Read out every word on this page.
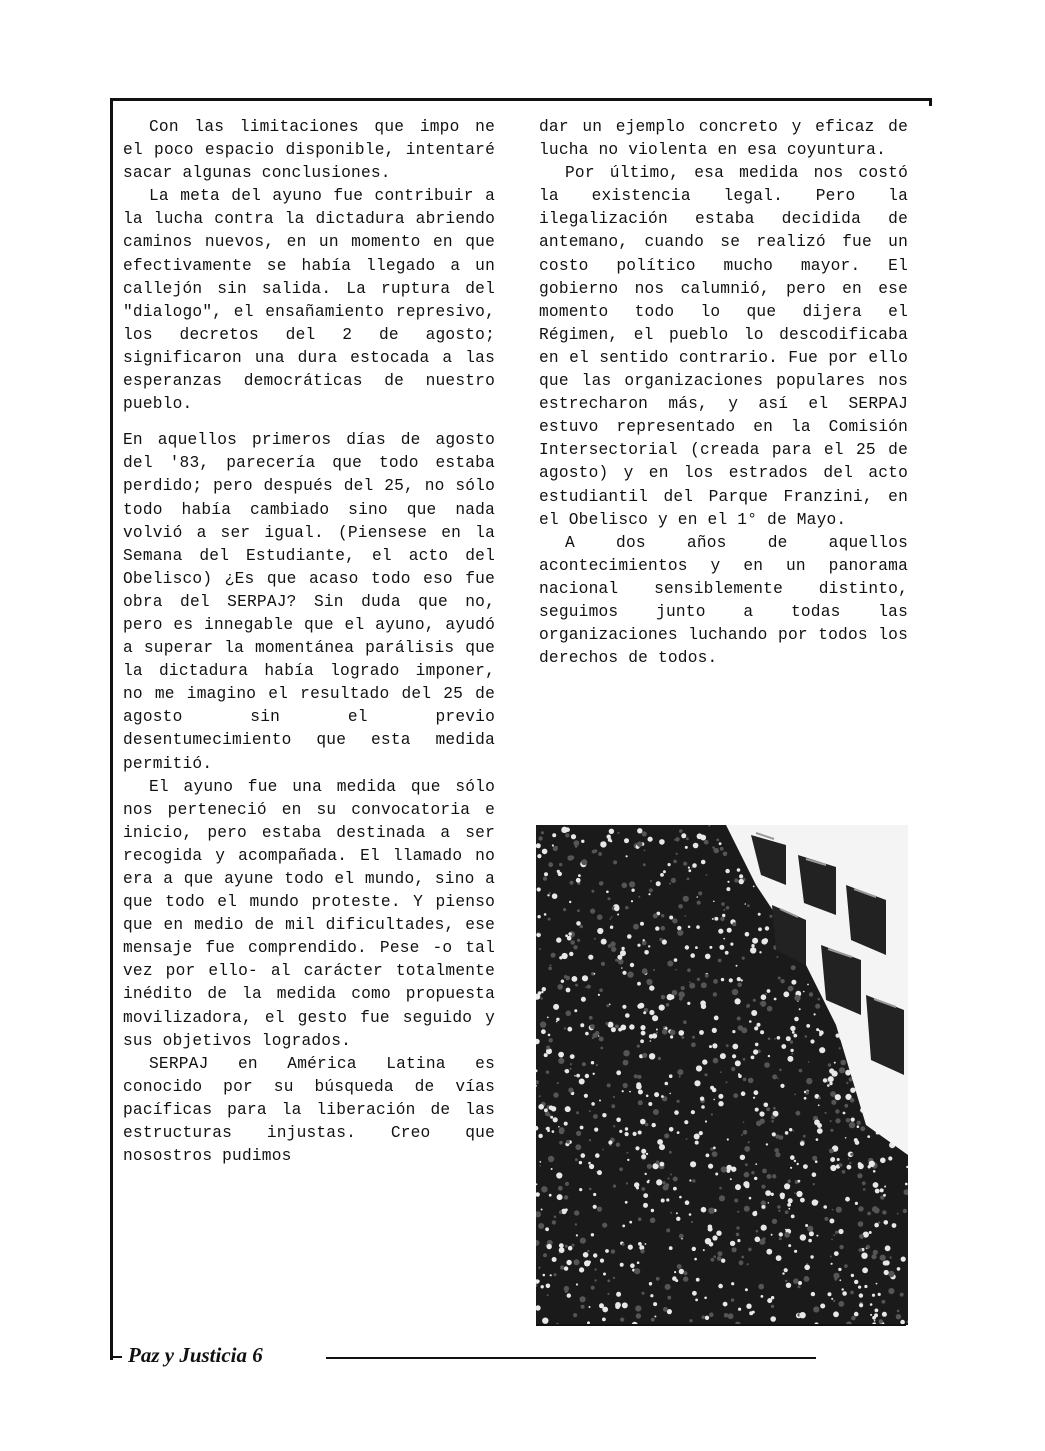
Con las limitaciones que impo ne el poco espacio disponible, intentaré sacar algunas conclusiones.

La meta del ayuno fue contribuir a la lucha contra la dictadura abriendo caminos nuevos, en un momento en que efectivamente se había llegado a un callejón sin salida. La ruptura del "dialogo", el ensañamiento represivo, los decretos del 2 de agosto; significaron una dura estocada a las esperanzas democráticas de nuestro pueblo.

En aquellos primeros días de agosto del '83, parecería que todo estaba perdido; pero después del 25, no sólo todo había cambiado sino que nada volvió a ser igual. (Piensese en la Semana del Estudiante, el acto del Obelisco) ¿Es que acaso todo eso fue obra del SERPAJ? Sin duda que no, pero es innegable que el ayuno, ayudó a superar la momentánea parálisis que la dictadura había logrado imponer, no me imagino el resultado del 25 de agosto sin el previo desentumecimiento que esta medida permitió.

El ayuno fue una medida que sólo nos perteneció en su convocatoria e inicio, pero estaba destinada a ser recogida y acompañada. El llamado no era a que ayune todo el mundo, sino a que todo el mundo proteste. Y pienso que en medio de mil dificultades, ese mensaje fue comprendido. Pese -o tal vez por ello- al carácter totalmente inédito de la medida como propuesta movilizadora, el gesto fue seguido y sus objetivos logrados.

SERPAJ en América Latina es conocido por su búsqueda de vías pacíficas para la liberación de las estructuras injustas. Creo que nosostros pudimos

dar un ejemplo concreto y eficaz de lucha no violenta en esa coyuntura.

Por último, esa medida nos costó la existencia legal. Pero la ilegalización estaba decidida de antemano, cuando se realizó fue un costo político mucho mayor. El gobierno nos calumnió, pero en ese momento todo lo que dijera el Régimen, el pueblo lo descodificaba en el sentido contrario. Fue por ello que las organizaciones populares nos estrecharon más, y así el SERPAJ estuvo representado en la Comisión Intersectorial (creada para el 25 de agosto) y en los estrados del acto estudiantil del Parque Franzini, en el Obelisco y en el 1° de Mayo.

A dos años de aquellos acontecimientos y en un panorama nacional sensiblemente distinto, seguimos junto a todas las organizaciones luchando por todos los derechos de todos.

Paz y Justicia 6
